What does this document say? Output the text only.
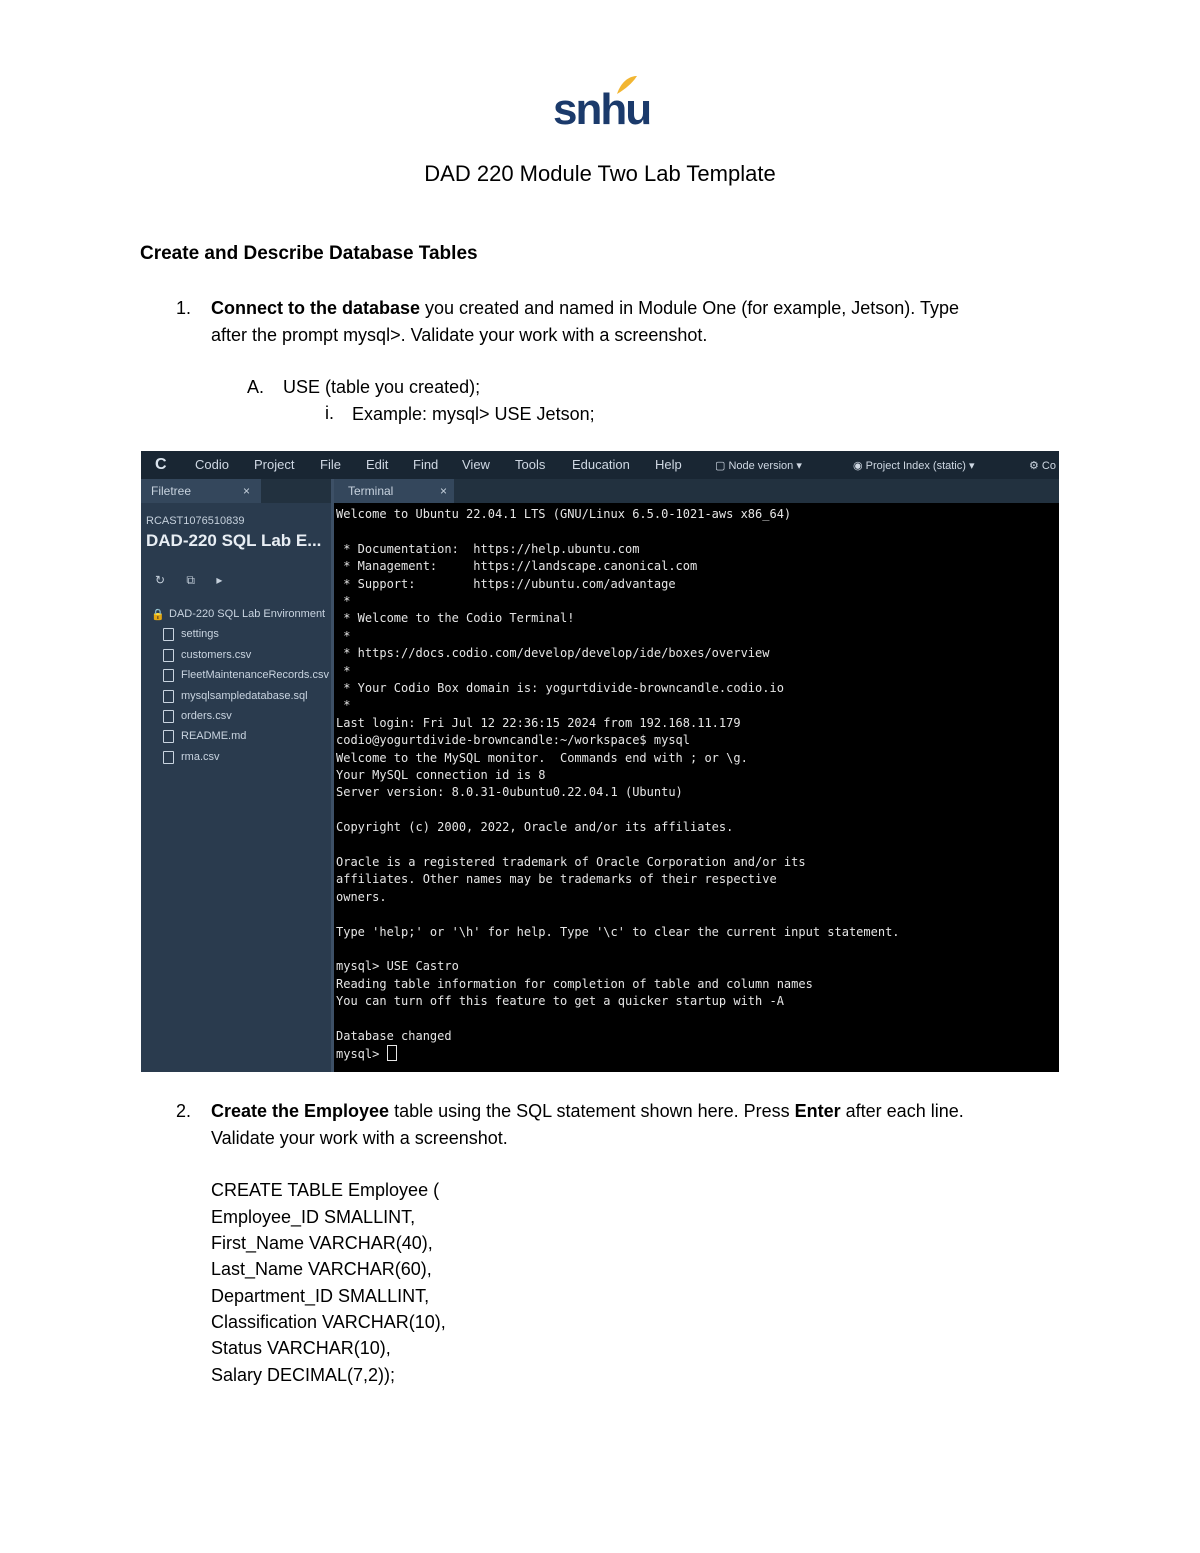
snhu
DAD 220 Module Two Lab Template
Create and Describe Database Tables
1. Connect to the database you created and named in Module One (for example, Jetson). Type
after the prompt mysql>. Validate your work with a screenshot.
A. USE (table you created);
i. Example: mysql> USE Jetson;
C Codio Project File Edit Find View Tools Education Help	▢ Node version ▾	◉ Project Index (static) ▾	⚙ Co
Filetree	×
RCAST1076510839
DAD-220 SQL Lab E...
↻ ⧉ ▸
🔒 DAD-220 SQL Lab Environment
settings
customers.csv
FleetMaintenanceRecords.csv
mysqlsampledatabase.sql
orders.csv
README.md
rma.csv
Terminal	×
Welcome to Ubuntu 22.04.1 LTS (GNU/Linux 6.5.0-1021-aws x86_64)
* Documentation:  https://help.ubuntu.com
* Management:     https://landscape.canonical.com
* Support:        https://ubuntu.com/advantage
*
* Welcome to the Codio Terminal!
*
* https://docs.codio.com/develop/develop/ide/boxes/overview
*
* Your Codio Box domain is: yogurtdivide-browncandle.codio.io
*
Last login: Fri Jul 12 22:36:15 2024 from 192.168.11.179
codio@yogurtdivide-browncandle:~/workspace$ mysql
Welcome to the MySQL monitor.  Commands end with ; or \g.
Your MySQL connection id is 8
Server version: 8.0.31-0ubuntu0.22.04.1 (Ubuntu)
Copyright (c) 2000, 2022, Oracle and/or its affiliates.
Oracle is a registered trademark of Oracle Corporation and/or its
affiliates. Other names may be trademarks of their respective
owners.
Type 'help;' or '\h' for help. Type '\c' to clear the current input statement.
mysql> USE Castro
Reading table information for completion of table and column names
You can turn off this feature to get a quicker startup with -A
Database changed
mysql>
2. Create the Employee table using the SQL statement shown here. Press Enter after each line.
Validate your work with a screenshot.
CREATE TABLE Employee (
Employee_ID SMALLINT,
First_Name VARCHAR(40),
Last_Name VARCHAR(60),
Department_ID SMALLINT,
Classification VARCHAR(10),
Status VARCHAR(10),
Salary DECIMAL(7,2));
